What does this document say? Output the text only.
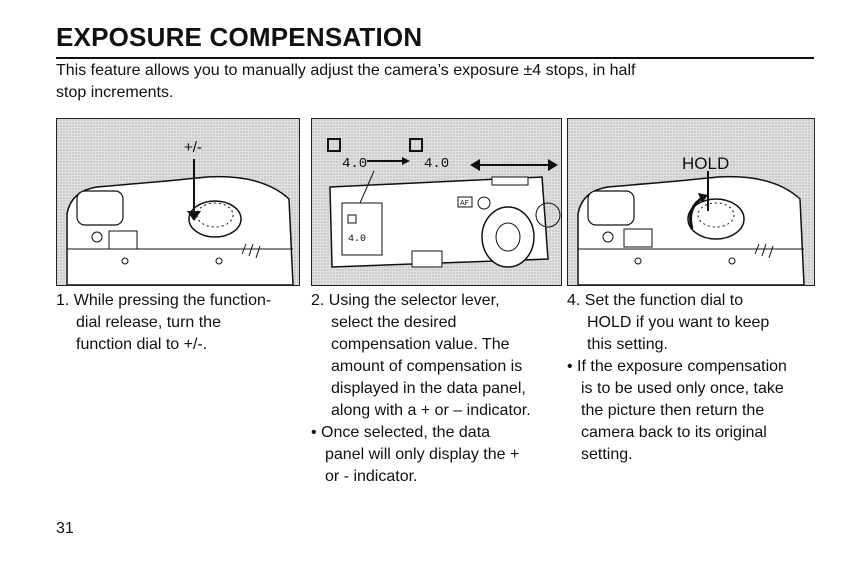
EXPOSURE COMPENSATION
This feature allows you to manually adjust the camera’s exposure ±4 stops, in half
stop increments.
+/-
4.0	4.0
4.0
AF
HOLD

1. While pressing the function-

dial release, turn the

function dial to +/-.

2. Using the selector lever,

select the desired

compensation value. The

amount of compensation is

displayed in the data panel,

along with a + or – indicator.

• Once selected, the data

panel will only display the +

or - indicator.

4. Set the function dial to

HOLD if you want to keep

this setting.

• If the exposure compensation

is to be used only once, take

the picture then return the

camera back to its original

setting.

31
